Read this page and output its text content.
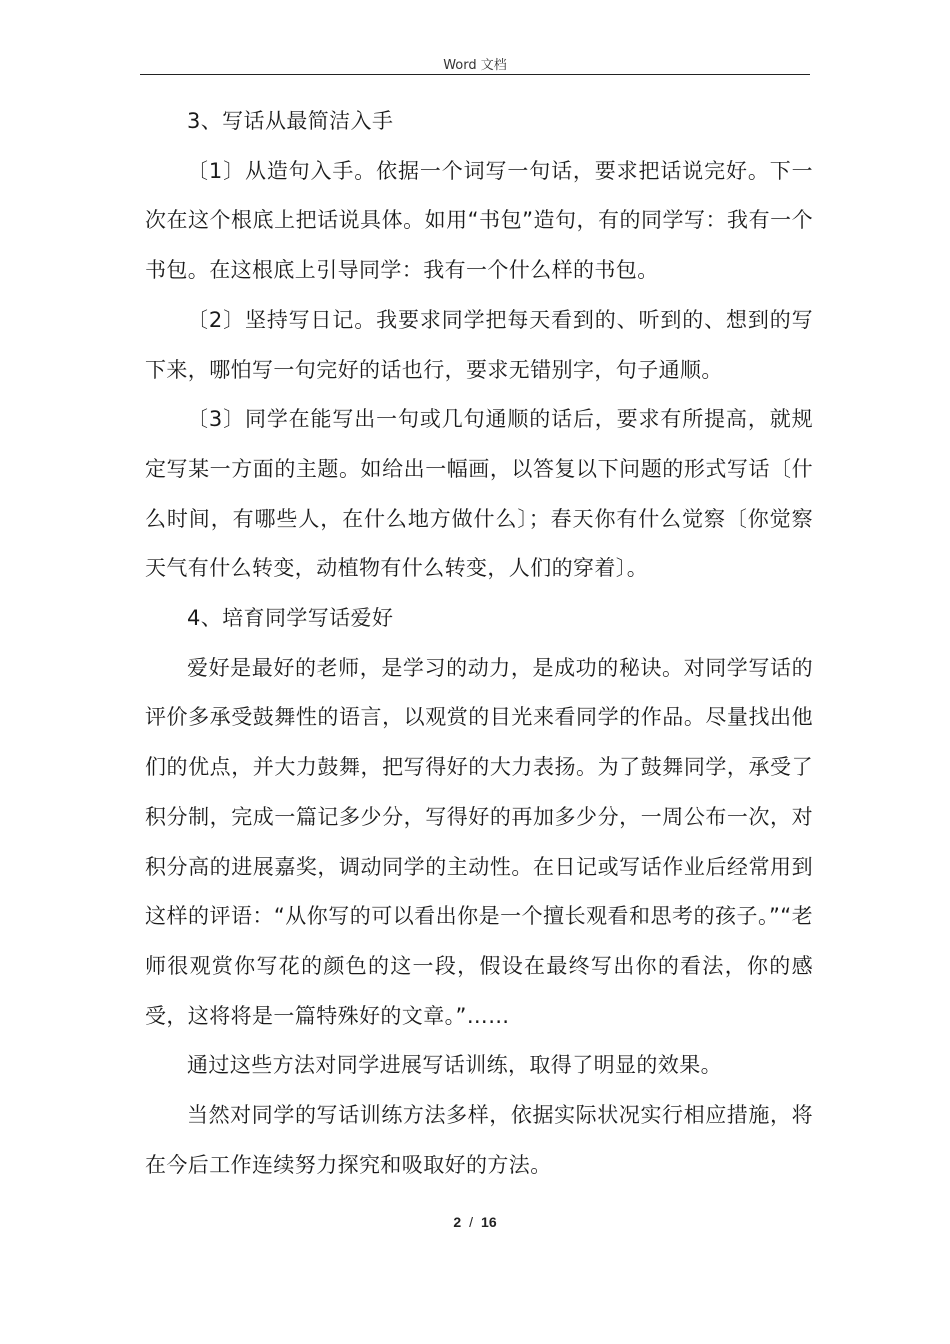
Word 文档

3、写话从最简洁入手

〔1〕从造句入手。依据一个词写一句话，要求把话说完好。下一次在这个根底上把话说具体。如用“书包”造句，有的同学写：我有一个书包。在这根底上引导同学：我有一个什么样的书包。

〔2〕坚持写日记。我要求同学把每天看到的、听到的、想到的写下来，哪怕写一句完好的话也行，要求无错别字，句子通顺。

〔3〕同学在能写出一句或几句通顺的话后，要求有所提高，就规定写某一方面的主题。如给出一幅画，以答复以下问题的形式写话〔什么时间，有哪些人，在什么地方做什么〕；春天你有什么觉察〔你觉察天气有什么转变，动植物有什么转变，人们的穿着〕。

4、培育同学写话爱好

爱好是最好的老师，是学习的动力，是成功的秘诀。对同学写话的评价多承受鼓舞性的语言，以观赏的目光来看同学的作品。尽量找出他们的优点，并大力鼓舞，把写得好的大力表扬。为了鼓舞同学，承受了积分制，完成一篇记多少分，写得好的再加多少分，一周公布一次，对积分高的进展嘉奖，调动同学的主动性。在日记或写话作业后经常用到这样的评语：“从你写的可以看出你是一个擅长观看和思考的孩子。”“老师很观赏你写花的颜色的这一段，假设在最终写出你的看法，你的感受，这将将是一篇特殊好的文章。”……

通过这些方法对同学进展写话训练，取得了明显的效果。

当然对同学的写话训练方法多样，依据实际状况实行相应措施，将在今后工作连续努力探究和吸取好的方法。

2 / 16
